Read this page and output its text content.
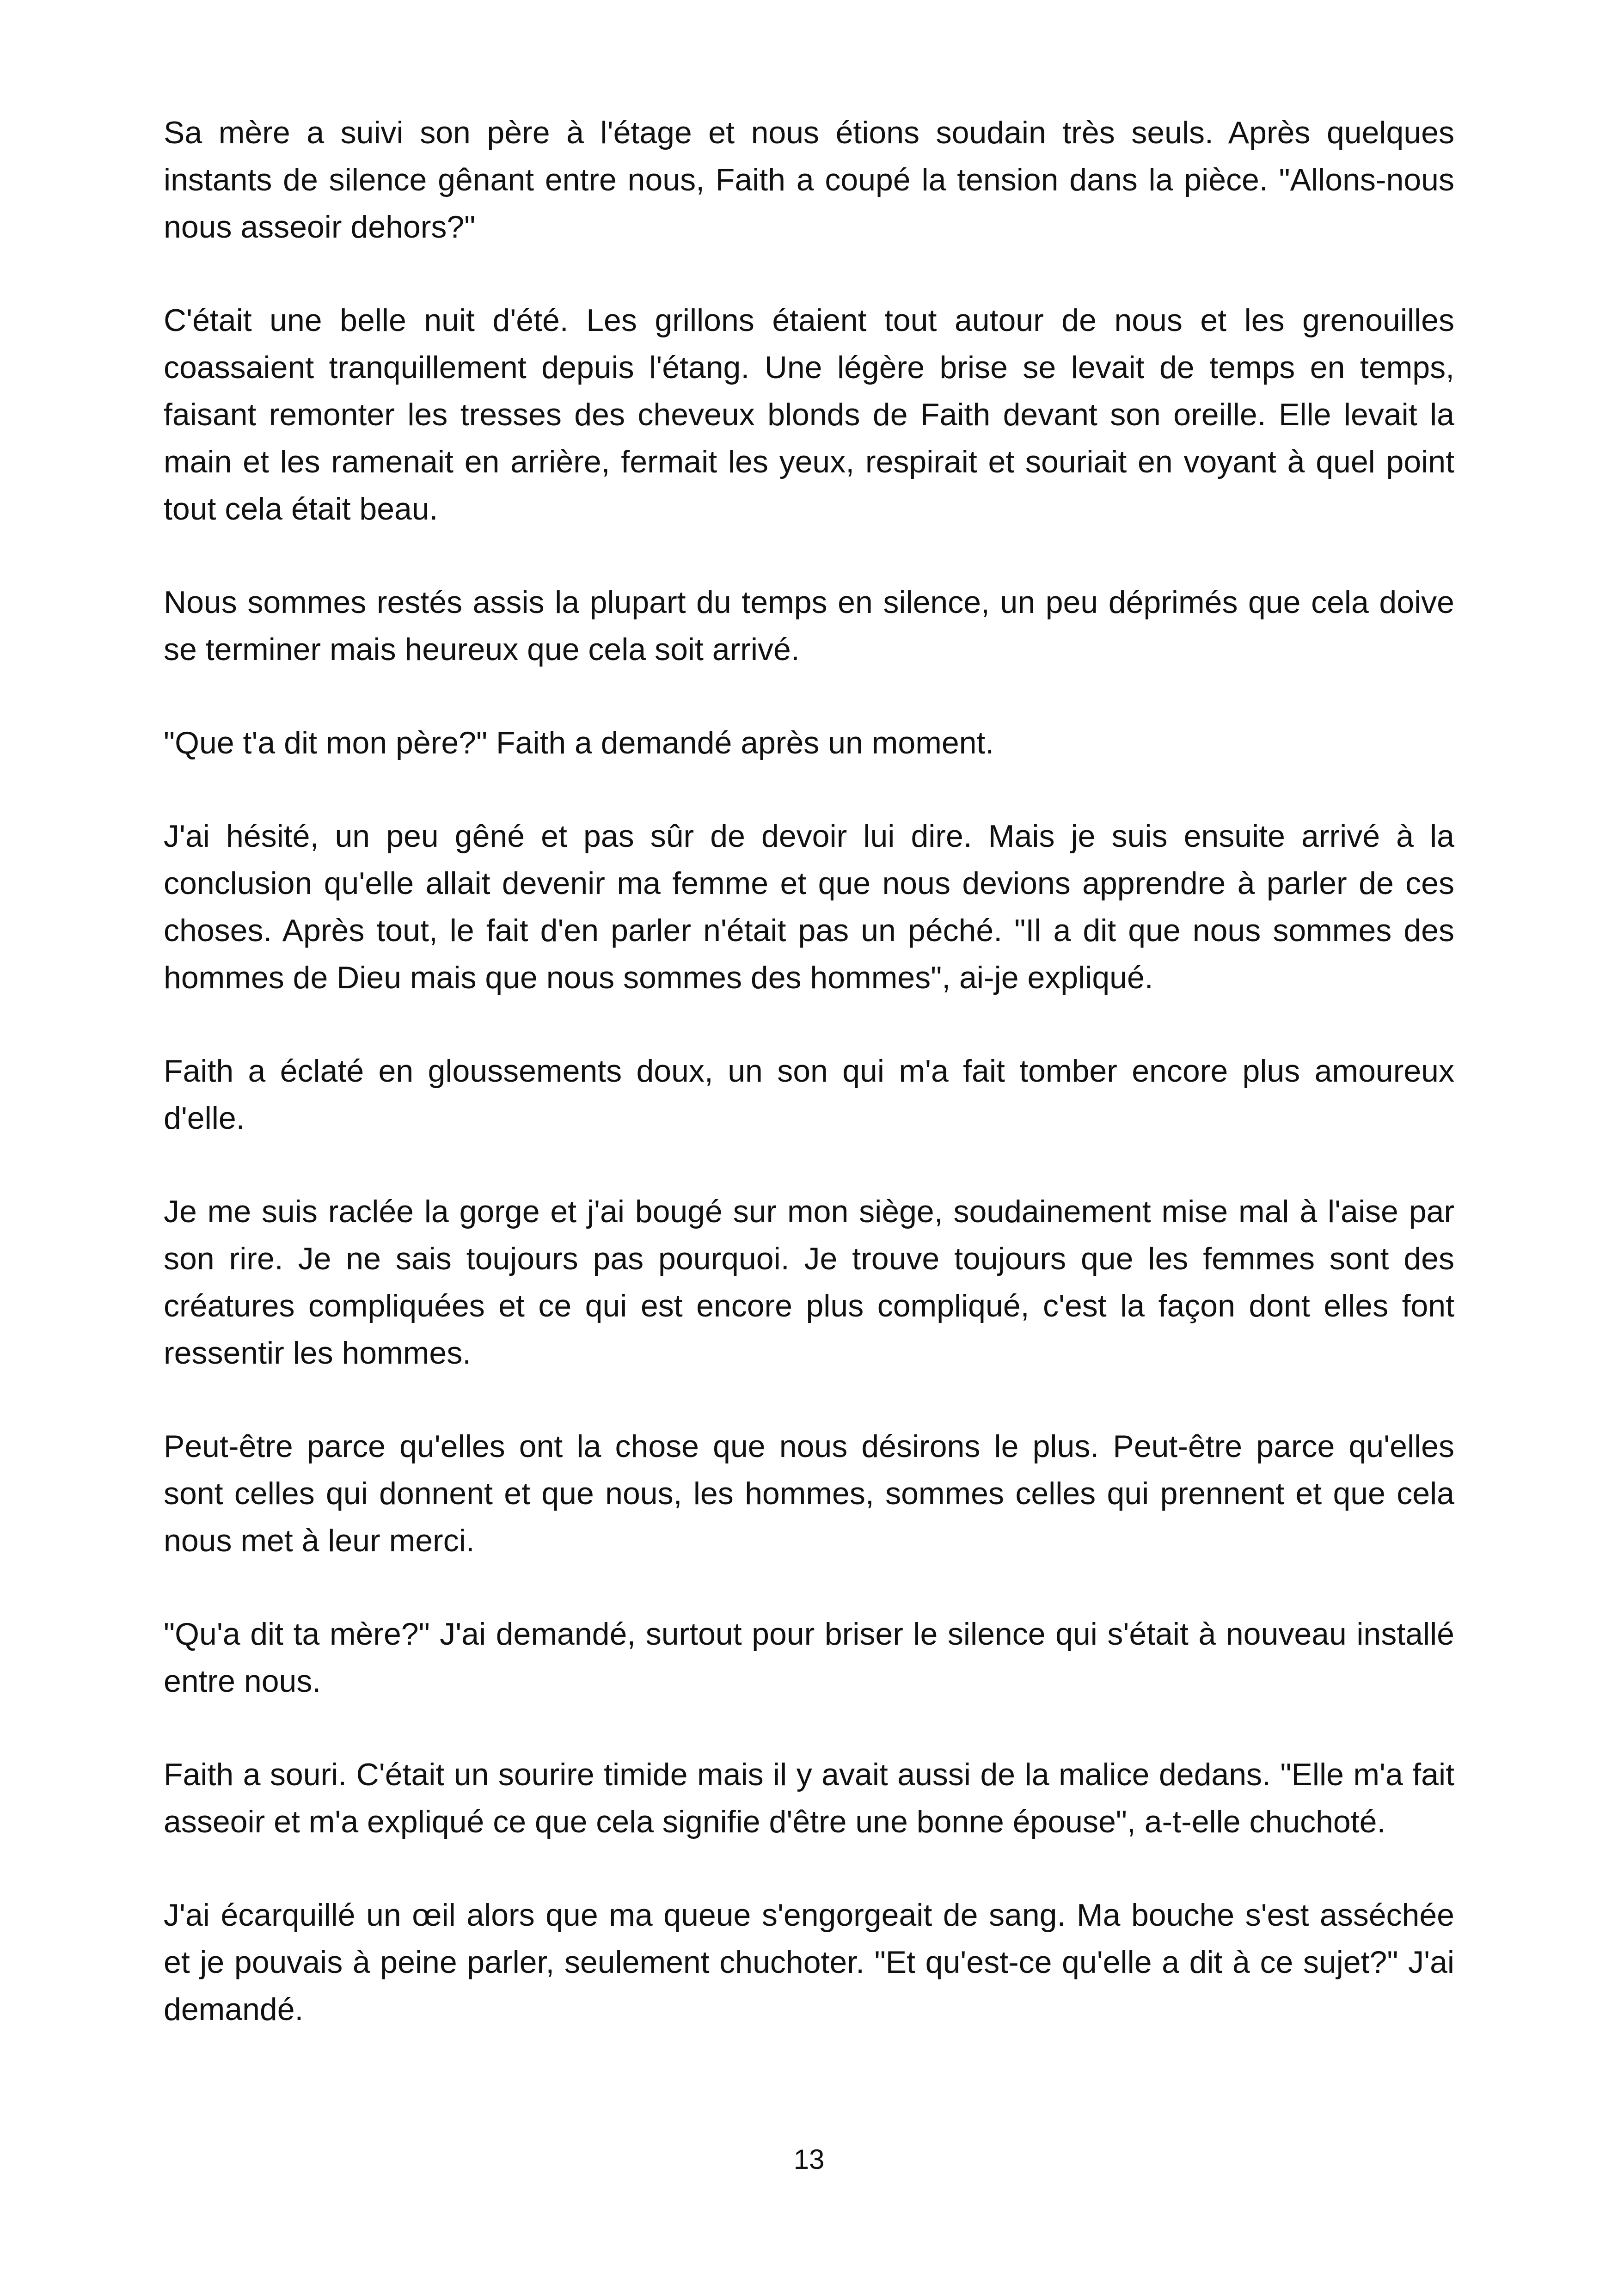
Sa mère a suivi son père à l'étage et nous étions soudain très seuls. Après quelques instants de silence gênant entre nous, Faith a coupé la tension dans la pièce. "Allons-nous nous asseoir dehors?"

C'était une belle nuit d'été. Les grillons étaient tout autour de nous et les grenouilles coassaient tranquillement depuis l'étang. Une légère brise se levait de temps en temps, faisant remonter les tresses des cheveux blonds de Faith devant son oreille. Elle levait la main et les ramenait en arrière, fermait les yeux, respirait et souriait en voyant à quel point tout cela était beau.

Nous sommes restés assis la plupart du temps en silence, un peu déprimés que cela doive se terminer mais heureux que cela soit arrivé.

"Que t'a dit mon père?" Faith a demandé après un moment.

J'ai hésité, un peu gêné et pas sûr de devoir lui dire. Mais je suis ensuite arrivé à la conclusion qu'elle allait devenir ma femme et que nous devions apprendre à parler de ces choses. Après tout, le fait d'en parler n'était pas un péché. "Il a dit que nous sommes des hommes de Dieu mais que nous sommes des hommes", ai-je expliqué.

Faith a éclaté en gloussements doux, un son qui m'a fait tomber encore plus amoureux d'elle.

Je me suis raclée la gorge et j'ai bougé sur mon siège, soudainement mise mal à l'aise par son rire. Je ne sais toujours pas pourquoi. Je trouve toujours que les femmes sont des créatures compliquées et ce qui est encore plus compliqué, c'est la façon dont elles font ressentir les hommes.

Peut-être parce qu'elles ont la chose que nous désirons le plus. Peut-être parce qu'elles sont celles qui donnent et que nous, les hommes, sommes celles qui prennent et que cela nous met à leur merci.

"Qu'a dit ta mère?" J'ai demandé, surtout pour briser le silence qui s'était à nouveau installé entre nous.

Faith a souri. C'était un sourire timide mais il y avait aussi de la malice dedans. "Elle m'a fait asseoir et m'a expliqué ce que cela signifie d'être une bonne épouse", a-t-elle chuchoté.

J'ai écarquillé un œil alors que ma queue s'engorgeait de sang. Ma bouche s'est asséchée et je pouvais à peine parler, seulement chuchoter. "Et qu'est-ce qu'elle a dit à ce sujet?" J'ai demandé.

13
